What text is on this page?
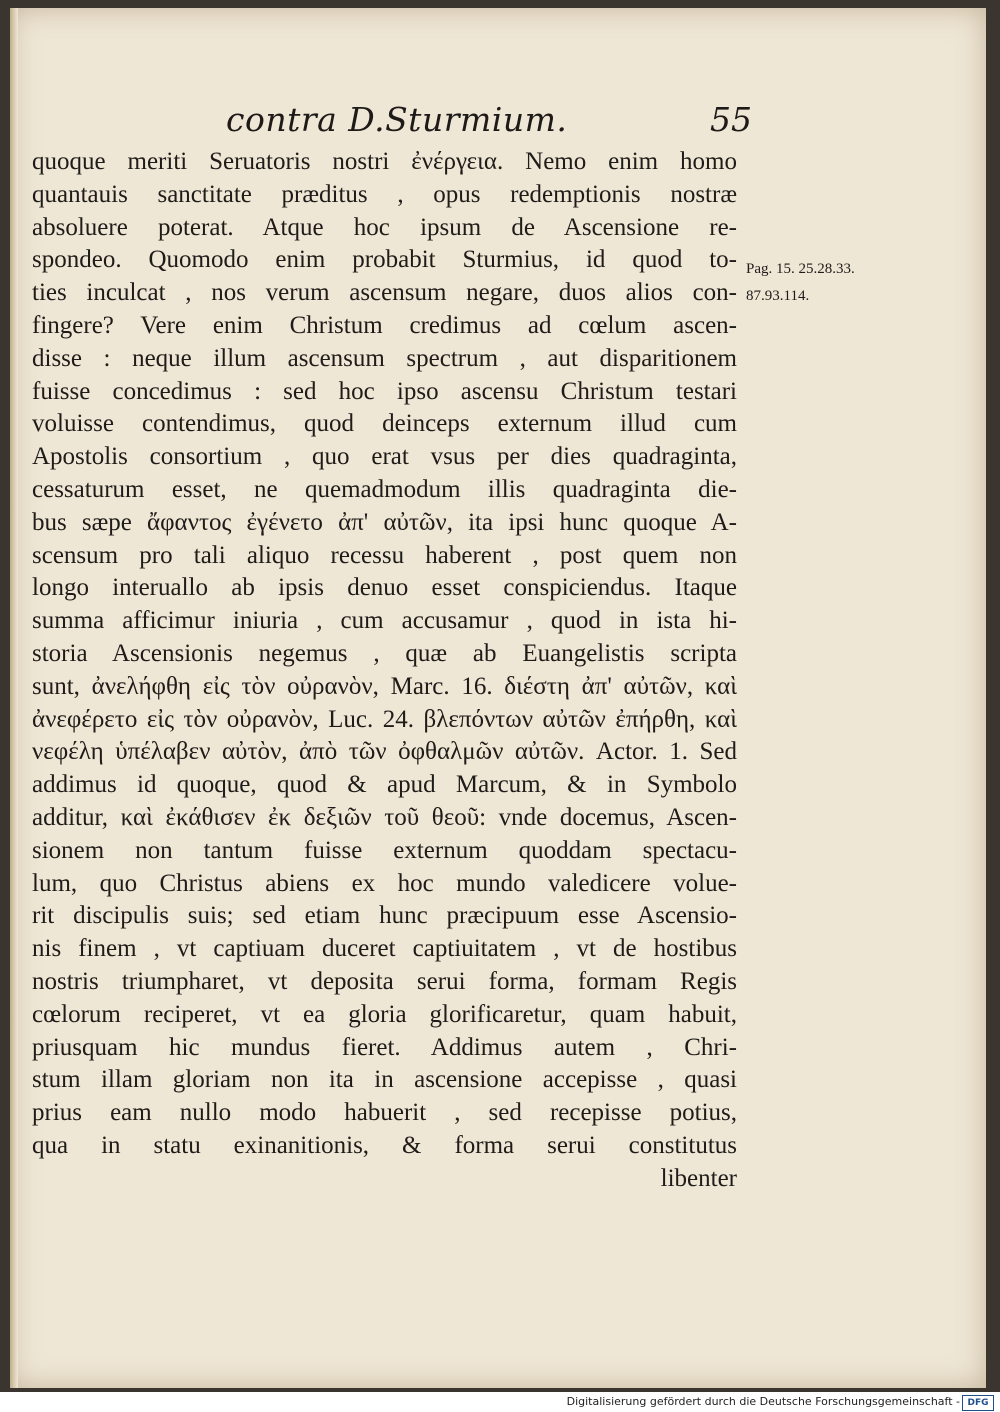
contra D.Sturmium.	55
quoque meriti Seruatoris nostri ἐνέργεια. Nemo enim homo
quantauis sanctitate præditus , opus redemptionis nostræ
absoluere poterat. Atque hoc ipsum de Ascensione re-
spondeo. Quomodo enim probabit Sturmius, id quod to-
ties inculcat , nos verum ascensum negare, duos alios con-
fingere? Vere enim Christum credimus ad cœlum ascen-
disse : neque illum ascensum spectrum , aut disparitionem
fuisse concedimus : sed hoc ipso ascensu Christum testari
voluisse contendimus, quod deinceps externum illud cum
Apostolis consortium , quo erat vsus per dies quadraginta,
cessaturum esset, ne quemadmodum illis quadraginta die-
bus sæpe ἄφαντος ἐγένετο ἀπ' αὐτῶν, ita ipsi hunc quoque A-
scensum pro tali aliquo recessu haberent , post quem non
longo interuallo ab ipsis denuo esset conspiciendus. Itaque
summa afficimur iniuria , cum accusamur , quod in ista hi-
storia Ascensionis negemus , quæ ab Euangelistis scripta
sunt, ἀνελήφθη εἰς τὸν οὐρανὸν, Marc. 16. διέστη ἀπ' αὐτῶν, καὶ
ἀνεφέρετο εἰς τὸν οὐρανὸν, Luc. 24. βλεπόντων αὐτῶν ἐπήρθη, καὶ
νεφέλη ὑπέλαβεν αὐτὸν, ἀπὸ τῶν ὀφθαλμῶν αὐτῶν. Actor. 1. Sed
addimus id quoque, quod & apud Marcum, & in Symbolo
additur, καὶ ἐκάθισεν ἐκ δεξιῶν τοῦ θεοῦ: vnde docemus, Ascen-
sionem non tantum fuisse externum quoddam spectacu-
lum, quo Christus abiens ex hoc mundo valedicere volue-
rit discipulis suis; sed etiam hunc præcipuum esse Ascensio-
nis finem , vt captiuam duceret captiuitatem , vt de hostibus
nostris triumpharet, vt deposita serui forma, formam Regis
cœlorum reciperet, vt ea gloria glorificaretur, quam habuit,
priusquam hic mundus fieret. Addimus autem , Chri-
stum illam gloriam non ita in ascensione accepisse , quasi
prius eam nullo modo habuerit , sed recepisse potius,
qua in statu exinanitionis, & forma serui constitutus
libenter
Pag. 15. 25.28.33.
87.93.114.
Digitalisierung gefördert durch die Deutsche Forschungsgemeinschaft - DFG
